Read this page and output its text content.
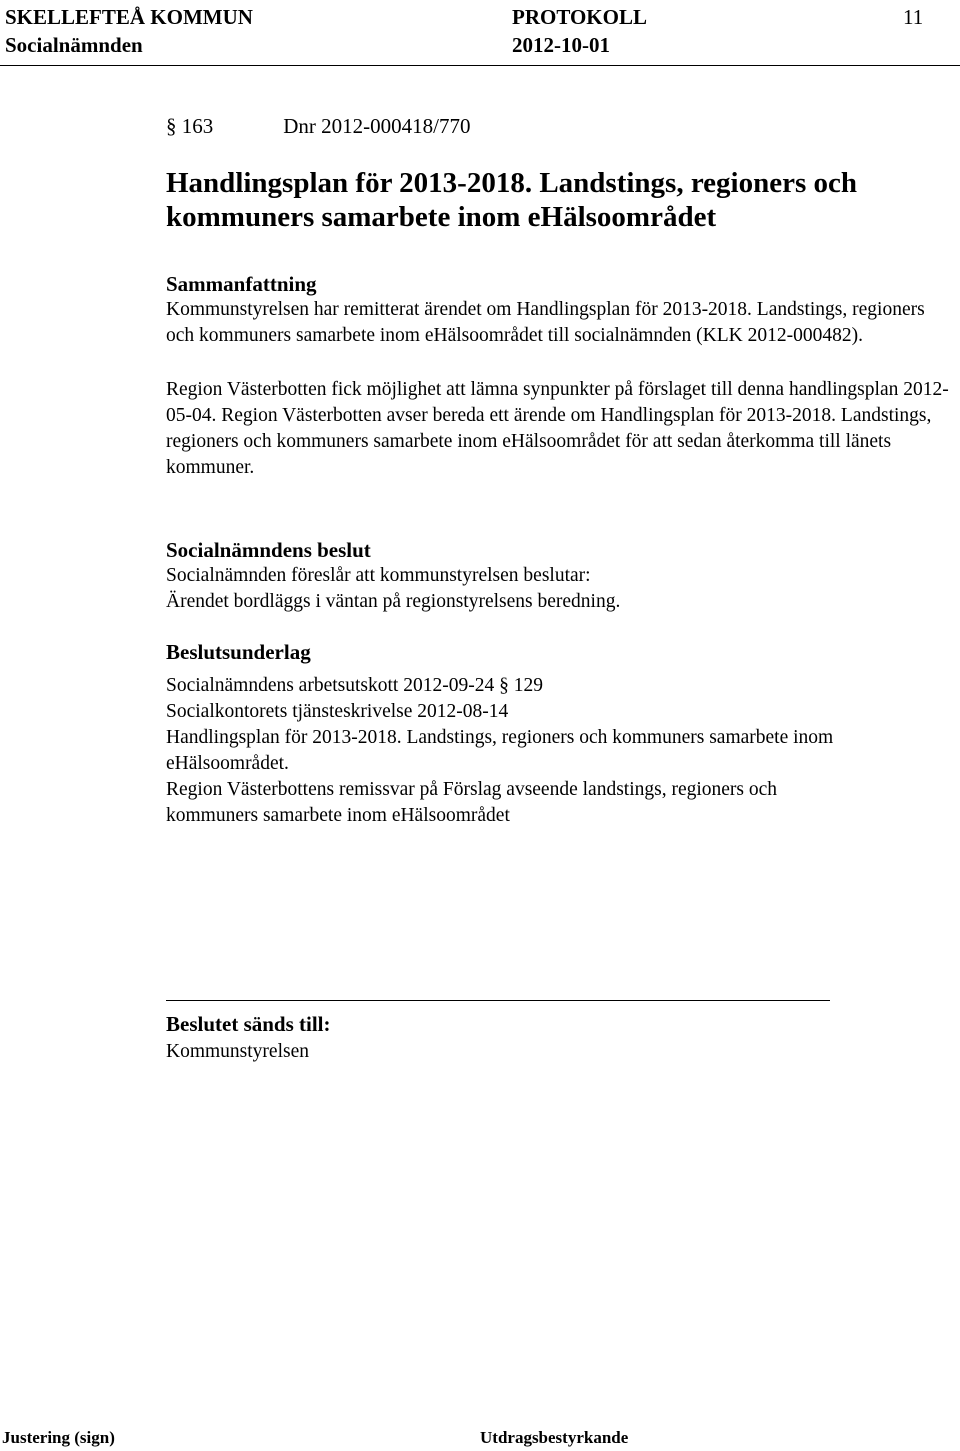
SKELLEFTEÅ KOMMUN
Socialnämnden
PROTOKOLL
2012-10-01
11
§ 163	Dnr 2012-000418/770
Handlingsplan för 2013-2018. Landstings, regioners och kommuners samarbete inom eHälsoområdet
Sammanfattning

Kommunstyrelsen har remitterat ärendet om Handlingsplan för 2013-2018. Landstings, regioners och kommuners samarbete inom eHälsoområdet till socialnämnden (KLK 2012-000482).

Region Västerbotten fick möjlighet att lämna synpunkter på förslaget till denna handlingsplan 2012-05-04. Region Västerbotten avser bereda ett ärende om Handlingsplan för 2013-2018. Landstings, regioners och kommuners samarbete inom eHälsoområdet för att sedan återkomma till länets kommuner.

Socialnämndens beslut

Socialnämnden föreslår att kommunstyrelsen beslutar:

Ärendet bordläggs i väntan på regionstyrelsens beredning.

Beslutsunderlag

Socialnämndens arbetsutskott 2012-09-24 § 129

Socialkontorets tjänsteskrivelse 2012-08-14

Handlingsplan för 2013-2018. Landstings, regioners och kommuners samarbete inom eHälsoområdet.

Region Västerbottens remissvar på Förslag avseende landstings, regioners och kommuners samarbete inom eHälsoområdet

Beslutet sänds till:

Kommunstyrelsen

Justering (sign)	Utdragsbestyrkande
